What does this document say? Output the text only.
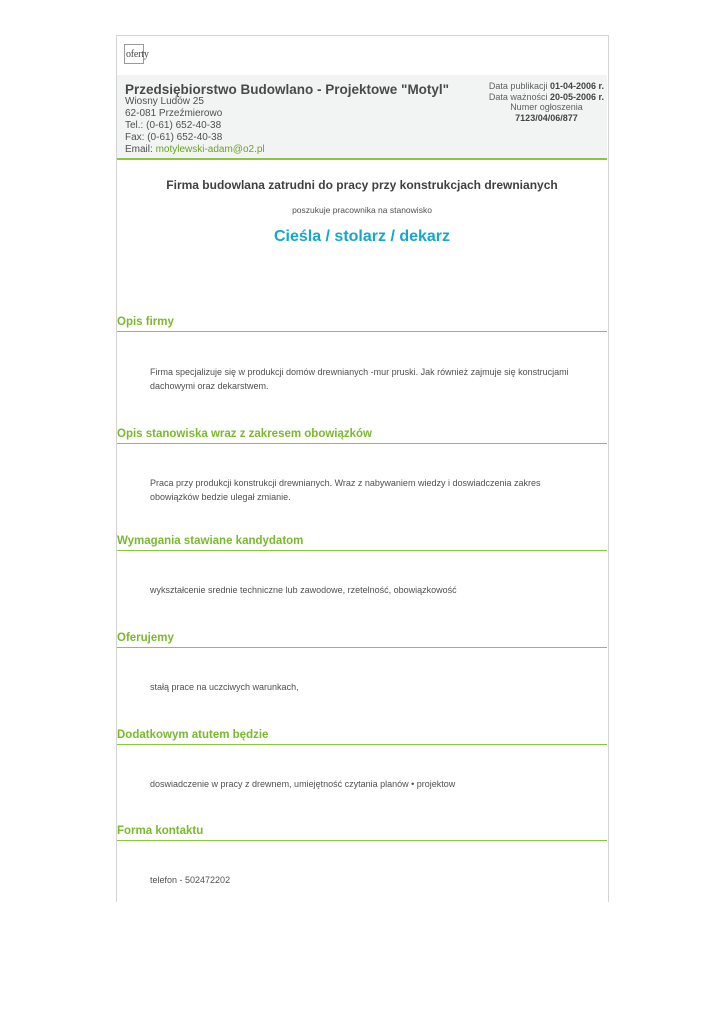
oferty
Przedsiębiorstwo Budowlano - Projektowe "Motyl"
Wiosny Ludów 25
62-081 Przeźmierowo
Tel.: (0-61) 652-40-38
Fax: (0-61) 652-40-38
Email: motylewski-adam@o2.pl
Data publikacji 01-04-2006 r.
Data ważności 20-05-2006 r.
Numer ogłoszenia
7123/04/06/877
Firma budowlana zatrudni do pracy przy konstrukcjach drewnianych
poszukuje pracownika na stanowisko
Cieśla / stolarz / dekarz
Opis firmy
Firma specjalizuje się w produkcji domów drewnianych -mur pruski. Jak również zajmuje się konstrucjami dachowymi oraz dekarstwem.
Opis stanowiska wraz z zakresem obowiązków
Praca przy produkcji konstrukcji drewnianych. Wraz z nabywaniem wiedzy i doswiadczenia zakres obowiązków bedzie ulegał zmianie.
Wymagania stawiane kandydatom
wykształcenie srednie techniczne lub zawodowe, rzetelność, obowiązkowość
Oferujemy
stałą prace na uczciwych warunkach,
Dodatkowym atutem będzie
doswiadczenie w pracy z drewnem, umiejętność czytania planów • projektow
Forma kontaktu
telefon - 502472202
